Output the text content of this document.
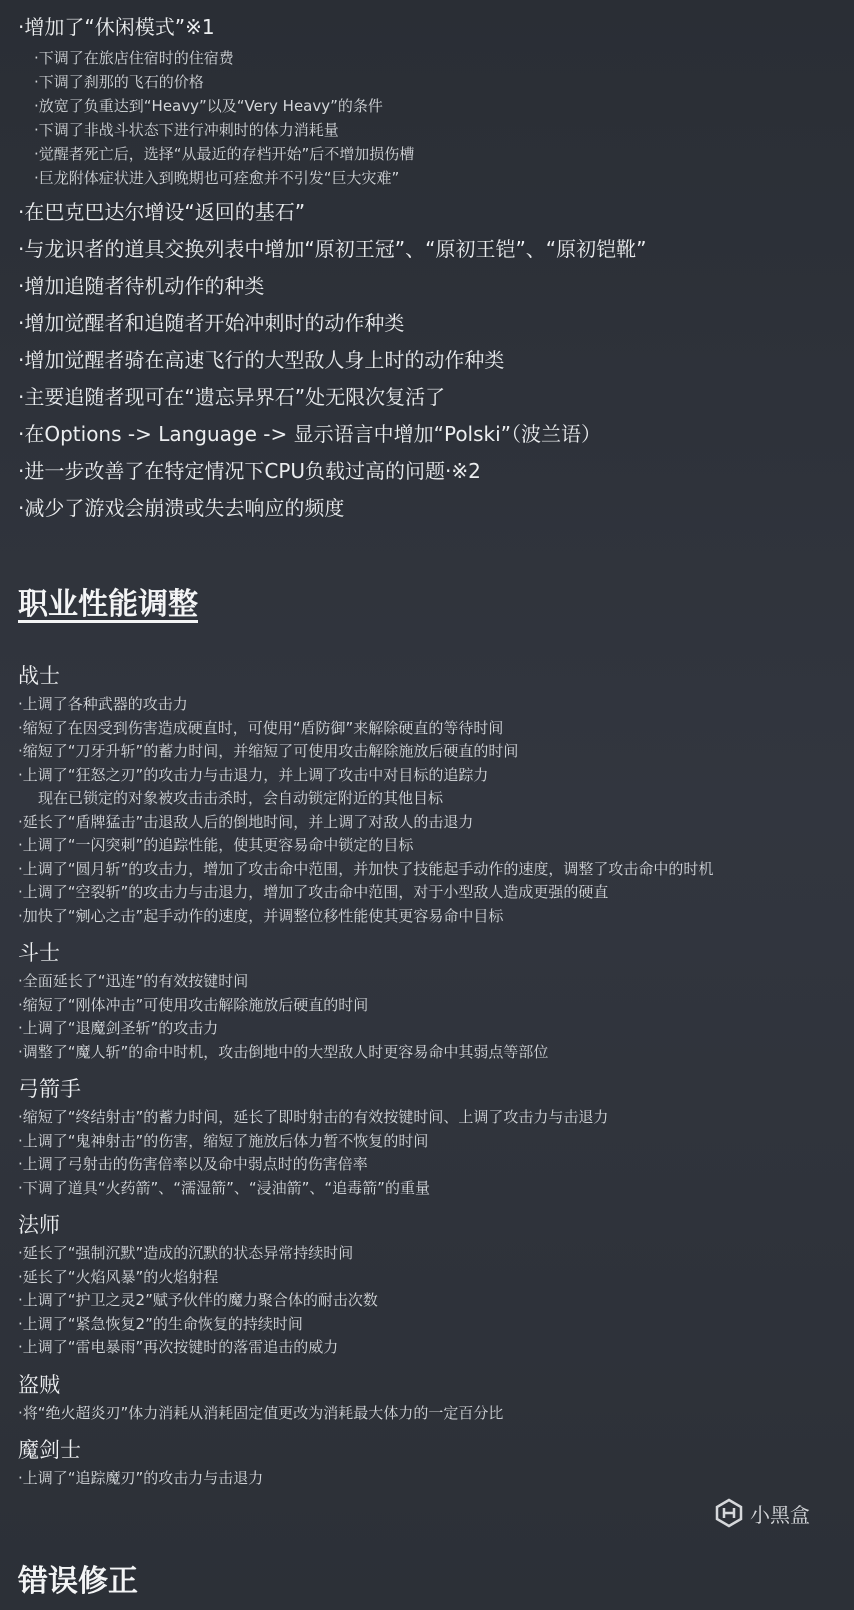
·增加了“休闲模式”※1
·下调了在旅店住宿时的住宿费
·下调了刹那的飞石的价格
·放宽了负重达到“Heavy”以及“Very Heavy”的条件
·下调了非战斗状态下进行冲刺时的体力消耗量
·觉醒者死亡后，选择“从最近的存档开始”后不增加损伤槽
·巨龙附体症状进入到晚期也可痊愈并不引发“巨大灾难”
·在巴克巴达尔增设“返回的基石”
·与龙识者的道具交换列表中增加“原初王冠”、“原初王铠”、“原初铠靴”
·增加追随者待机动作的种类
·增加觉醒者和追随者开始冲刺时的动作种类
·增加觉醒者骑在高速飞行的大型敌人身上时的动作种类
·主要追随者现可在“遗忘异界石”处无限次复活了
·在Options -> Language -> 显示语言中增加“Polski”（波兰语）
·进一步改善了在特定情况下CPU负载过高的问题·※2
·减少了游戏会崩溃或失去响应的频度
职业性能调整
战士
·上调了各种武器的攻击力
·缩短了在因受到伤害造成硬直时，可使用“盾防御”来解除硬直的等待时间
·缩短了“刀牙升斩”的蓄力时间，并缩短了可使用攻击解除施放后硬直的时间
·上调了“狂怒之刃”的攻击力与击退力，并上调了攻击中对目标的追踪力
现在已锁定的对象被攻击击杀时，会自动锁定附近的其他目标
·延长了“盾牌猛击”击退敌人后的倒地时间，并上调了对敌人的击退力
·上调了“一闪突刺”的追踪性能，使其更容易命中锁定的目标
·上调了“圆月斩”的攻击力，增加了攻击命中范围，并加快了技能起手动作的速度，调整了攻击命中的时机
·上调了“空裂斩”的攻击力与击退力，增加了攻击命中范围，对于小型敌人造成更强的硬直
·加快了“剜心之击”起手动作的速度，并调整位移性能使其更容易命中目标
斗士
·全面延长了“迅连”的有效按键时间
·缩短了“刚体冲击”可使用攻击解除施放后硬直的时间
·上调了“退魔剑圣斩”的攻击力
·调整了“魔人斩”的命中时机，攻击倒地中的大型敌人时更容易命中其弱点等部位
弓箭手
·缩短了“终结射击”的蓄力时间，延长了即时射击的有效按键时间、上调了攻击力与击退力
·上调了“鬼神射击”的伤害，缩短了施放后体力暂不恢复的时间
·上调了弓射击的伤害倍率以及命中弱点时的伤害倍率
·下调了道具“火药箭”、“濡湿箭”、“浸油箭”、“追毒箭”的重量
法师
·延长了“强制沉默”造成的沉默的状态异常持续时间
·延长了“火焰风暴”的火焰射程
·上调了“护卫之灵2”赋予伙伴的魔力聚合体的耐击次数
·上调了“紧急恢复2”的生命恢复的持续时间
·上调了“雷电暴雨”再次按键时的落雷追击的威力
盗贼
·将“绝火超炎刃”体力消耗从消耗固定值更改为消耗最大体力的一定百分比
魔剑士
·上调了“追踪魔刃”的攻击力与击退力
小黑盒
错误修正
